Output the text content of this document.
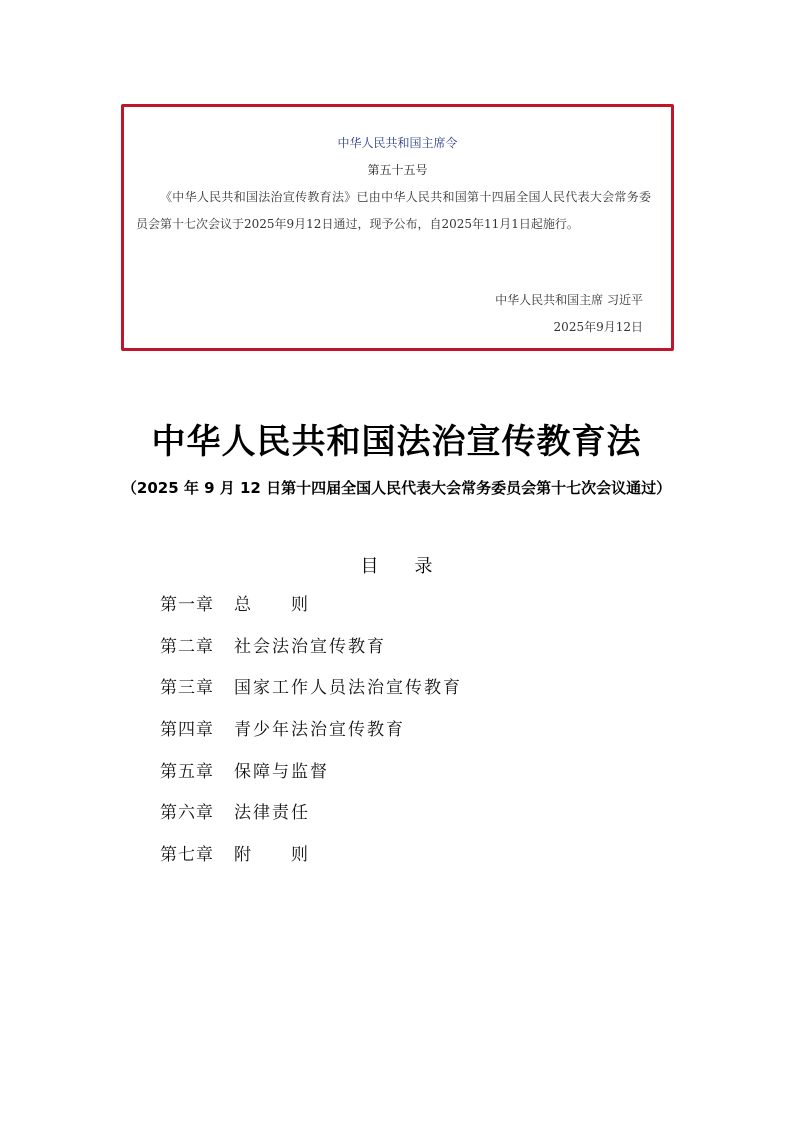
中华人民共和国主席令
第五十五号
《中华人民共和国法治宣传教育法》已由中华人民共和国第十四届全国人民代表大会常务委员会第十七次会议于2025年9月12日通过，现予公布，自2025年11月1日起施行。
中华人民共和国主席 习近平
2025年9月12日
中华人民共和国法治宣传教育法
（2025 年 9 月 12 日第十四届全国人民代表大会常务委员会第十七次会议通过）
目录
第一章	总　　则
第二章	社会法治宣传教育
第三章	国家工作人员法治宣传教育
第四章	青少年法治宣传教育
第五章	保障与监督
第六章	法律责任
第七章	附　　则
